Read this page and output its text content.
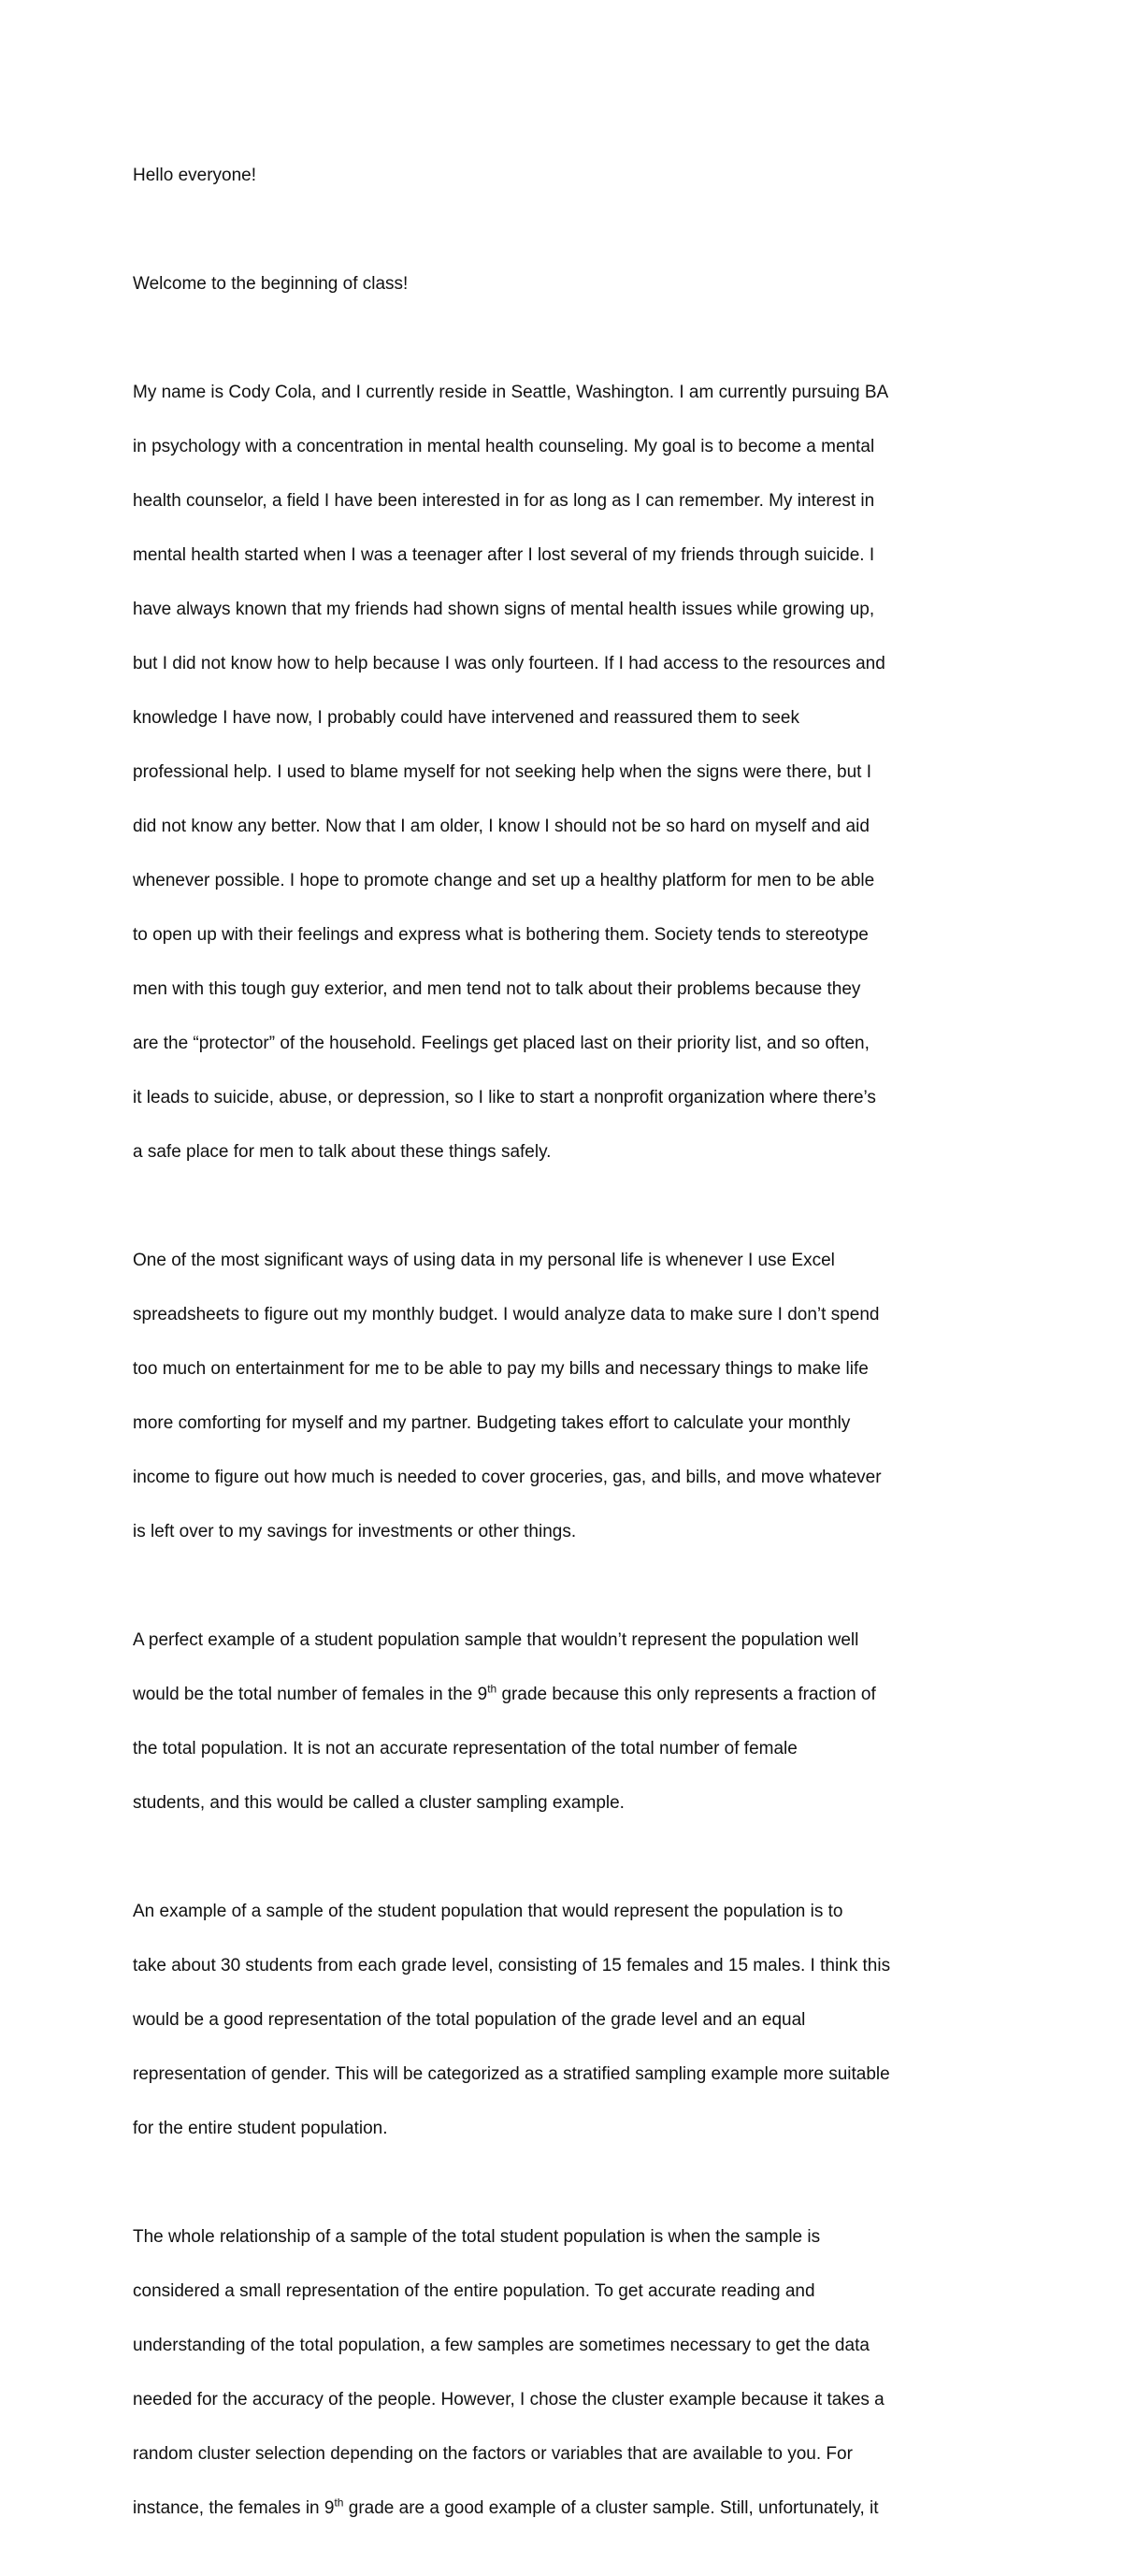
Hello everyone!

Welcome to the beginning of class!

My name is Cody Cola, and I currently reside in Seattle, Washington. I am currently pursuing BA

in psychology with a concentration in mental health counseling. My goal is to become a mental

health counselor, a field I have been interested in for as long as I can remember. My interest in

mental health started when I was a teenager after I lost several of my friends through suicide. I

have always known that my friends had shown signs of mental health issues while growing up,

but I did not know how to help because I was only fourteen. If I had access to the resources and

knowledge I have now, I probably could have intervened and reassured them to seek

professional help. I used to blame myself for not seeking help when the signs were there, but I

did not know any better. Now that I am older, I know I should not be so hard on myself and aid

whenever possible. I hope to promote change and set up a healthy platform for men to be able

to open up with their feelings and express what is bothering them. Society tends to stereotype

men with this tough guy exterior, and men tend not to talk about their problems because they

are the “protector” of the household. Feelings get placed last on their priority list, and so often,

it leads to suicide, abuse, or depression, so I like to start a nonprofit organization where there’s

a safe place for men to talk about these things safely.

One of the most significant ways of using data in my personal life is whenever I use Excel

spreadsheets to figure out my monthly budget. I would analyze data to make sure I don’t spend

too much on entertainment for me to be able to pay my bills and necessary things to make life

more comforting for myself and my partner. Budgeting takes effort to calculate your monthly

income to figure out how much is needed to cover groceries, gas, and bills, and move whatever

is left over to my savings for investments or other things.

A perfect example of a student population sample that wouldn’t represent the population well

would be the total number of females in the 9th grade because this only represents a fraction of

the total population. It is not an accurate representation of the total number of female

students, and this would be called a cluster sampling example.

An example of a sample of the student population that would represent the population is to

take about 30 students from each grade level, consisting of 15 females and 15 males. I think this

would be a good representation of the total population of the grade level and an equal

representation of gender. This will be categorized as a stratified sampling example more suitable

for the entire student population.

The whole relationship of a sample of the total student population is when the sample is

considered a small representation of the entire population. To get accurate reading and

understanding of the total population, a few samples are sometimes necessary to get the data

needed for the accuracy of the people. However, I chose the cluster example because it takes a

random cluster selection depending on the factors or variables that are available to you. For

instance, the females in 9th grade are a good example of a cluster sample. Still, unfortunately, it
